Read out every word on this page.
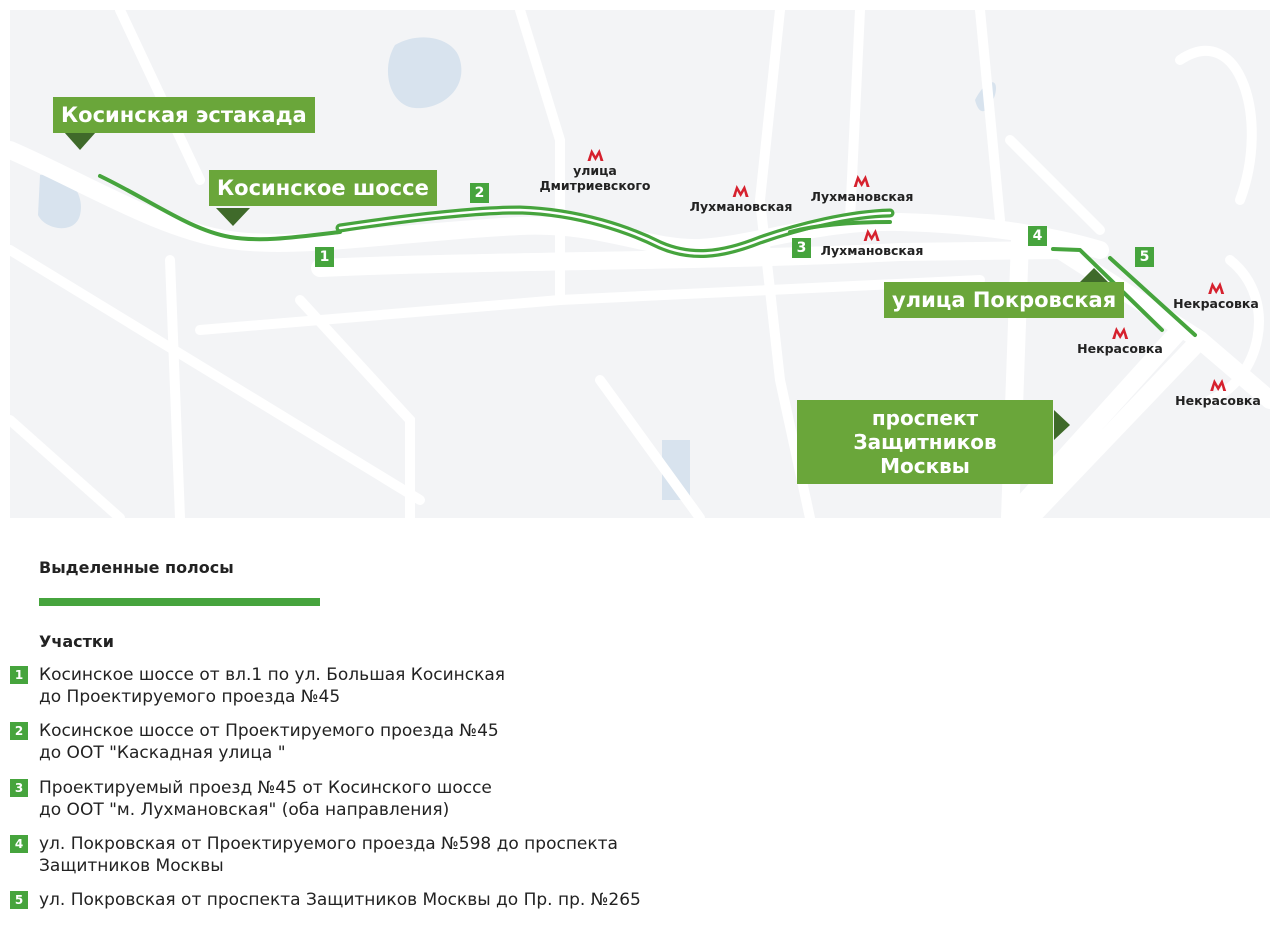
Косинская эстакада
Косинское шоссе
улица Покровская
проспект Защитников
Москвы
1
2
3
4
5
улица
Дмитриевского
Лухмановская
Лухмановская
Лухмановская
Некрасовка
Некрасовка
Некрасовка
Выделенные полосы
Участки
1 Косинское шоссе от вл.1 по ул. Большая Косинская
до Проектируемого проезда №45
2 Косинское шоссе от Проектируемого проезда №45
до ООТ "Каскадная улица "
3 Проектируемый проезд №45 от Косинского шоссе
до ООТ "м. Лухмановская" (оба направления)
4 ул. Покровская от Проектируемого проезда №598 до проспекта
Защитников Москвы
5 ул. Покровская от проспекта Защитников Москвы до Пр. пр. №265
